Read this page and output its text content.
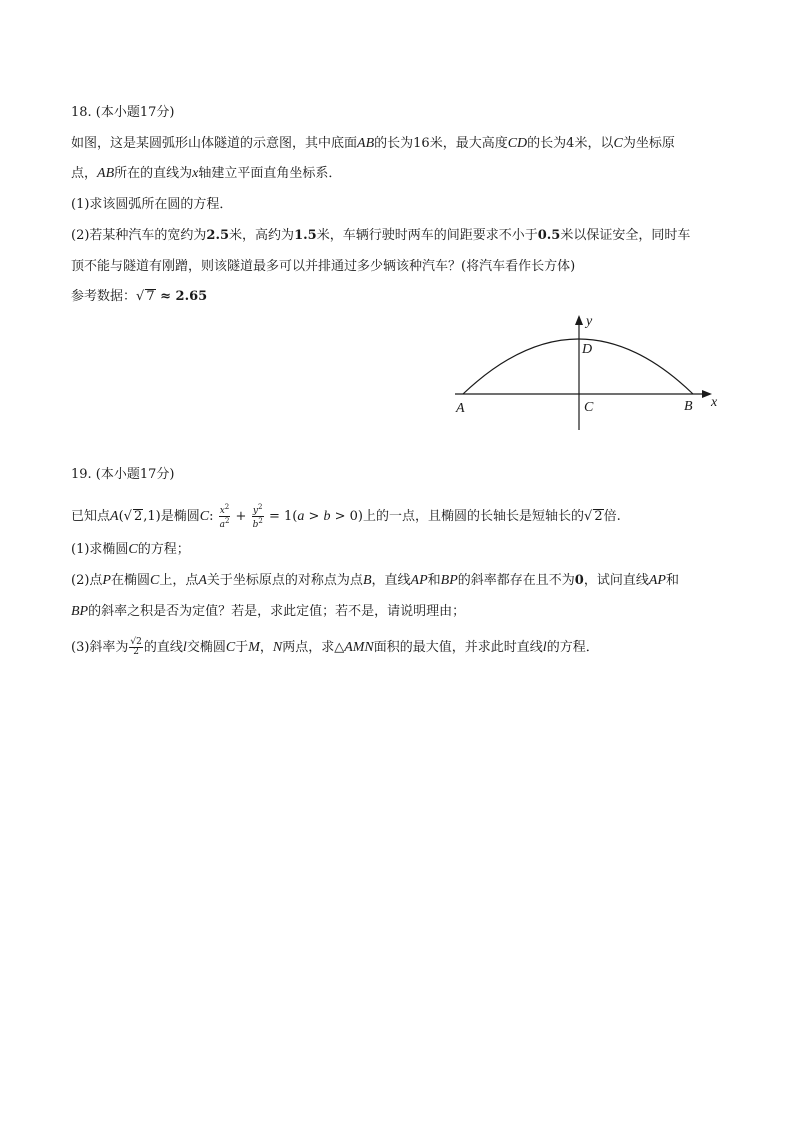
18. (本小题17分)
如图，这是某圆弧形山体隧道的示意图，其中底面AB的长为16米，最大高度CD的长为4米，以C为坐标原
点，AB所在的直线为x轴建立平面直角坐标系．
(1)求该圆弧所在圆的方程．
(2)若某种汽车的宽约为2.5米，高约为1.5米，车辆行驶时两车的间距要求不小于0.5米以保证安全，同时车
顶不能与隧道有刚蹭，则该隧道最多可以并排通过多少辆该种汽车？(将汽车看作长方体)
参考数据：√ 7 ≈ 2.65
y
x
D
A	C	B
19. (本小题17分)
已知点A(√ 2,1)是椭圆C: $\frac{x^2}{a^2} + \frac{y^2}{b^2} = 1(a > b > 0)$上的一点，且椭圆的长轴长是短轴长的√ 2倍.
(1)求椭圆C的方程；
(2)点P在椭圆C上，点A关于坐标原点的对称点为点B，直线AP和BP的斜率都存在且不为0，试问直线AP和
BP的斜率之积是否为定值？若是，求此定值；若不是，请说明理由；
(3)斜率为 $\frac{√2}{2}$ 的直线l交椭圆C于M，N两点，求△AMN面积的最大值，并求此时直线l的方程．
